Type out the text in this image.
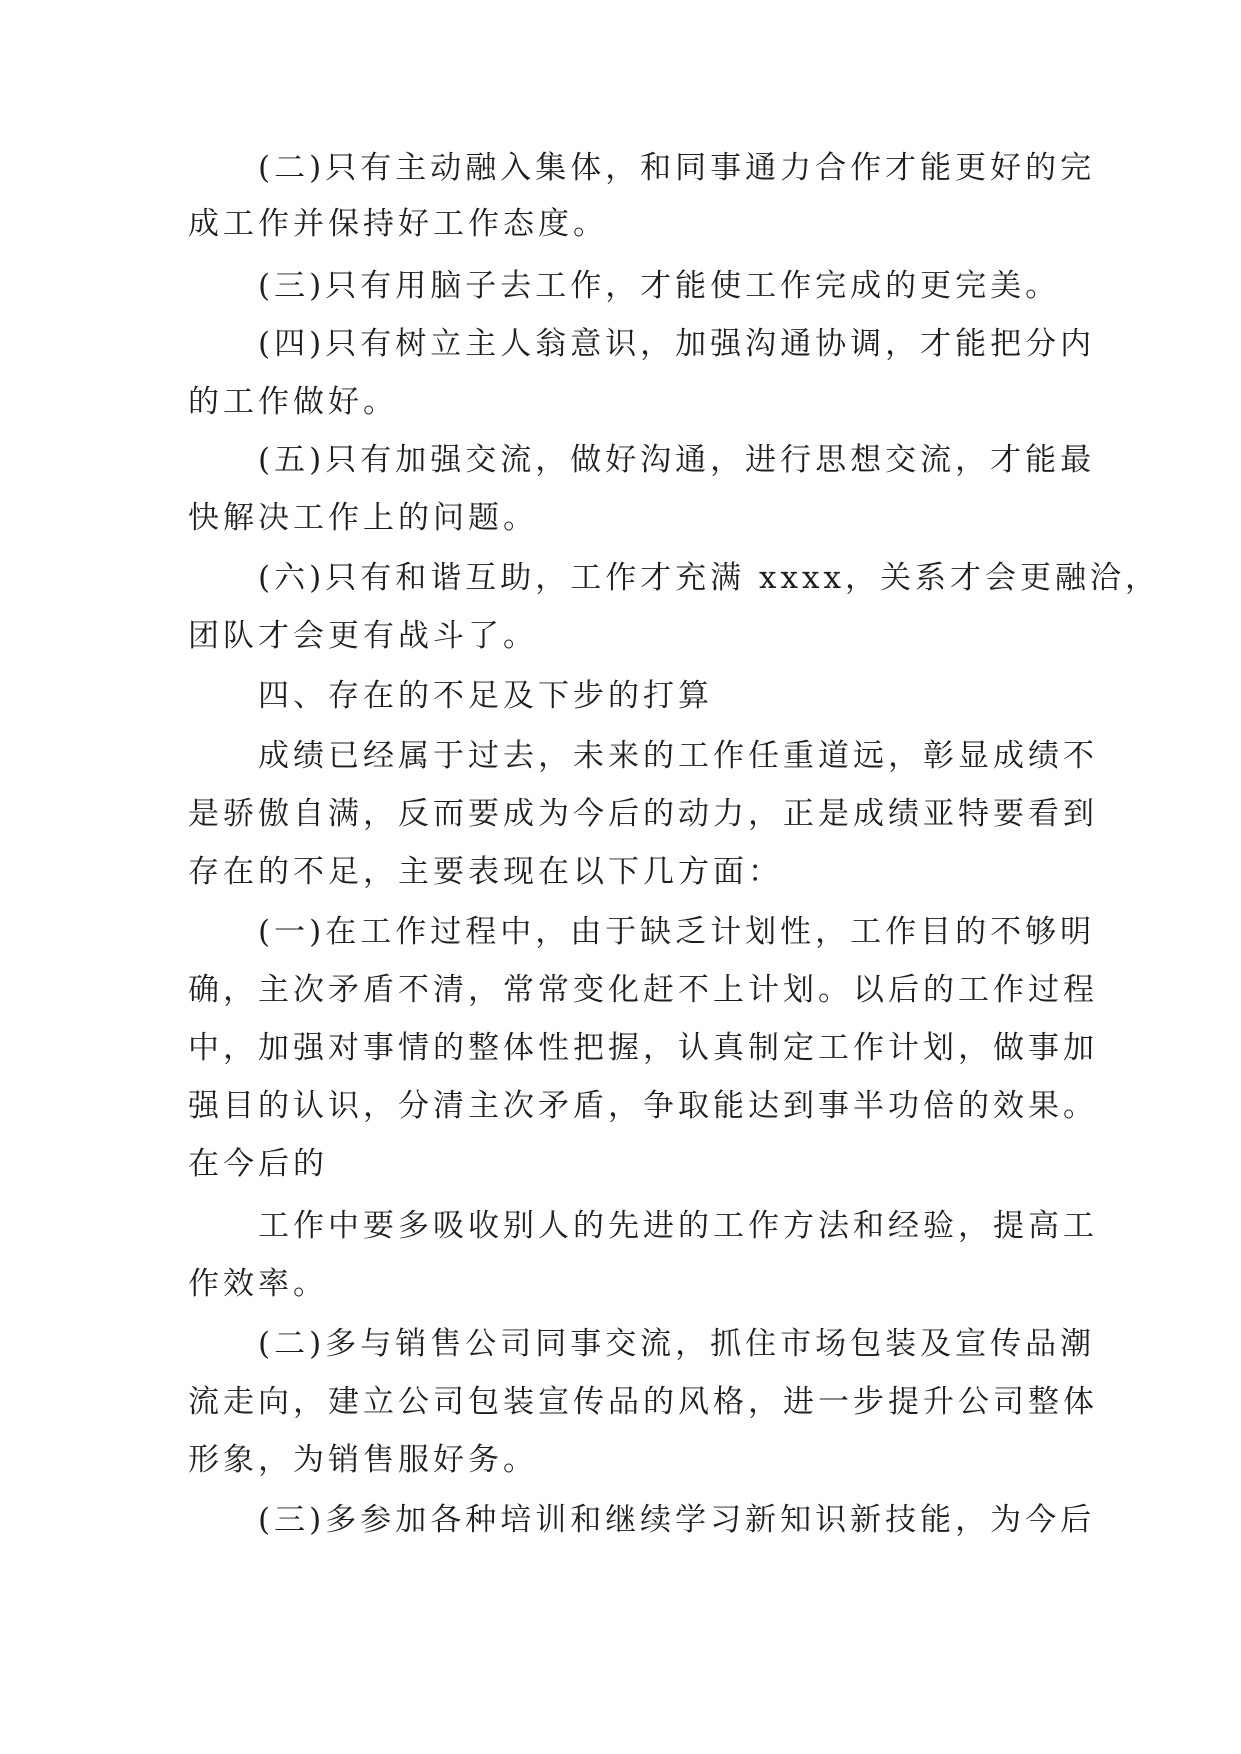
(二)只有主动融入集体，和同事通力合作才能更好的完
成工作并保持好工作态度。
(三)只有用脑子去工作，才能使工作完成的更完美。
(四)只有树立主人翁意识，加强沟通协调，才能把分内
的工作做好。
(五)只有加强交流，做好沟通，进行思想交流，才能最
快解决工作上的问题。
(六)只有和谐互助，工作才充满 xxxx，关系才会更融洽，
团队才会更有战斗了。
四、存在的不足及下步的打算
成绩已经属于过去，未来的工作任重道远，彰显成绩不
是骄傲自满，反而要成为今后的动力，正是成绩亚特要看到
存在的不足，主要表现在以下几方面：
(一)在工作过程中，由于缺乏计划性，工作目的不够明
确，主次矛盾不清，常常变化赶不上计划。以后的工作过程
中，加强对事情的整体性把握，认真制定工作计划，做事加
强目的认识，分清主次矛盾，争取能达到事半功倍的效果。
在今后的
工作中要多吸收别人的先进的工作方法和经验，提高工
作效率。
(二)多与销售公司同事交流，抓住市场包装及宣传品潮
流走向，建立公司包装宣传品的风格，进一步提升公司整体
形象，为销售服好务。
(三)多参加各种培训和继续学习新知识新技能，为今后
